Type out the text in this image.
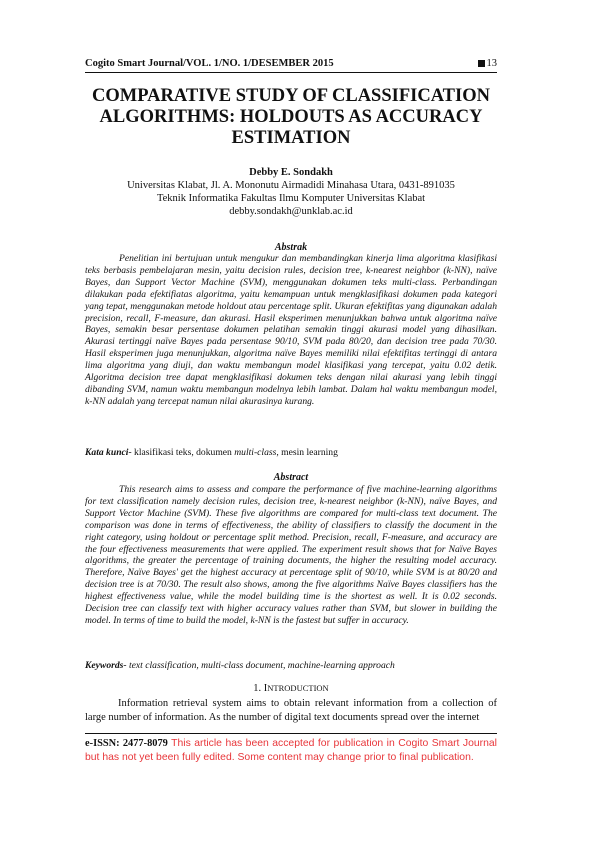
Cogito Smart Journal/VOL. 1/NO. 1/DESEMBER 2015	13
COMPARATIVE STUDY OF CLASSIFICATION ALGORITHMS: HOLDOUTS AS ACCURACY ESTIMATION
Debby E. Sondakh
Universitas Klabat, Jl. A. Mononutu Airmadidi Minahasa Utara, 0431-891035
Teknik Informatika Fakultas Ilmu Komputer Universitas Klabat
debby.sondakh@unklab.ac.id
Abstrak
Penelitian ini bertujuan untuk mengukur dan membandingkan kinerja lima algoritma klasifikasi teks berbasis pembelajaran mesin, yaitu decision rules, decision tree, k-nearest neighbor (k-NN), naïve Bayes, dan Support Vector Machine (SVM), menggunakan dokumen teks multi-class. Perbandingan dilakukan pada efektifiatas algoritma, yaitu kemampuan untuk mengklasifikasi dokumen pada kategori yang tepat, menggunakan metode holdout atau percentage split. Ukuran efektifitas yang digunakan adalah precision, recall, F-measure, dan akurasi. Hasil eksperimen menunjukkan bahwa untuk algoritma naïve Bayes, semakin besar persentase dokumen pelatihan semakin tinggi akurasi model yang dihasilkan. Akurasi tertinggi naïve Bayes pada persentase 90/10, SVM pada 80/20, dan decision tree pada 70/30. Hasil eksperimen juga menunjukkan, algoritma naïve Bayes memiliki nilai efektifitas tertinggi di antara lima algoritma yang diuji, dan waktu membangun model klasifikasi yang tercepat, yaitu 0.02 detik. Algoritma decision tree dapat mengklasifikasi dokumen teks dengan nilai akurasi yang lebih tinggi dibanding SVM, namun waktu membangun modelnya lebih lambat. Dalam hal waktu membangun model, k-NN adalah yang tercepat namun nilai akurasinya kurang.
Kata kunci- klasifikasi teks, dokumen multi-class, mesin learning
Abstract
This research aims to assess and compare the performance of five machine-learning algorithms for text classification namely decision rules, decision tree, k-nearest neighbor (k-NN), naïve Bayes, and Support Vector Machine (SVM). These five algorithms are compared for multi-class text document. The comparison was done in terms of effectiveness, the ability of classifiers to classify the document in the right category, using holdout or percentage split method. Precision, recall, F-measure, and accuracy are the four effectiveness measurements that were applied. The experiment result shows that for Naïve Bayes algorithms, the greater the percentage of training documents, the higher the resulting model accuracy. Therefore, Naïve Bayes' get the highest accuracy at percentage split of 90/10, while SVM is at 80/20 and decision tree is at 70/30. The result also shows, among the five algorithms Naïve Bayes classifiers has the highest effectiveness value, while the model building time is the shortest as well. It is 0.02 seconds. Decision tree can classify text with higher accuracy values rather than SVM, but slower in building the model. In terms of time to build the model, k-NN is the fastest but suffer in accuracy.
Keywords- text classification, multi-class document, machine-learning approach
1. INTRODUCTION
Information retrieval system aims to obtain relevant information from a collection of large number of information. As the number of digital text documents spread over the internet
e-ISSN: 2477-8079 This article has been accepted for publication in Cogito Smart Journal but has not yet been fully edited. Some content may change prior to final publication.
